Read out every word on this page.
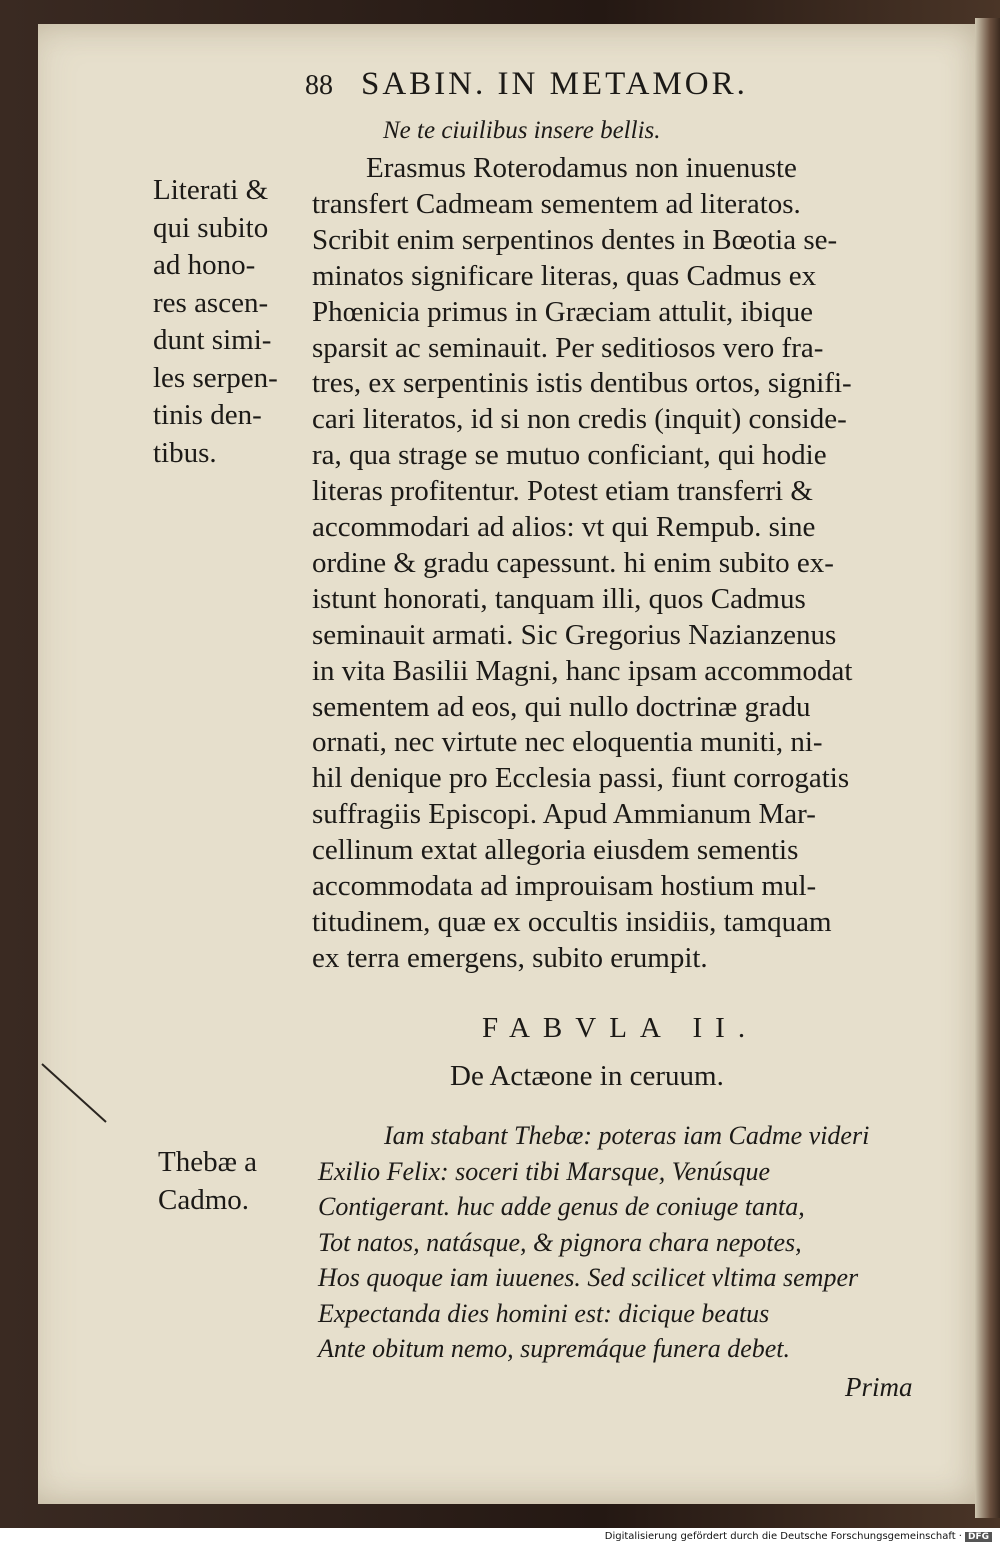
88 SABIN. IN METAMOR.
Ne te ciuilibus insere bellis.
Literati &
qui subito
ad hono-
res ascen-
dunt simi-
les serpen-
tinis den-
tibus.
Erasmus Roterodamus non inuenuste
transfert Cadmeam sementem ad literatos.
Scribit enim serpentinos dentes in Bœotia se-
minatos significare literas, quas Cadmus ex
Phœnicia primus in Græciam attulit, ibique
sparsit ac seminauit. Per seditiosos vero fra-
tres, ex serpentinis istis dentibus ortos, signifi-
cari literatos, id si non credis (inquit) conside-
ra, qua strage se mutuo conficiant, qui hodie
literas profitentur. Potest etiam transferri &
accommodari ad alios: vt qui Rempub. sine
ordine & gradu capessunt. hi enim subito ex-
istunt honorati, tanquam illi, quos Cadmus
seminauit armati. Sic Gregorius Nazianzenus
in vita Basilii Magni, hanc ipsam accommodat
sementem ad eos, qui nullo doctrinæ gradu
ornati, nec virtute nec eloquentia muniti, ni-
hil denique pro Ecclesia passi, fiunt corrogatis
suffragiis Episcopi. Apud Ammianum Mar-
cellinum extat allegoria eiusdem sementis
accommodata ad improuisam hostium mul-
titudinem, quæ ex occultis insidiis, tamquam
ex terra emergens, subito erumpit.
FABVLA II.
De Actæone in ceruum.
Thebæ a
Cadmo.
Iam stabant Thebæ: poteras iam Cadme videri
Exilio Felix: soceri tibi Marsque, Venúsque
Contigerant. huc adde genus de coniuge tanta,
Tot natos, natásque, & pignora chara nepotes,
Hos quoque iam iuuenes. Sed scilicet vltima semper
Expectanda dies homini est: dicique beatus
Ante obitum nemo, supremáque funera debet.
Prima
Digitalisierung gefördert durch die Deutsche Forschungsgemeinschaft · DFG
